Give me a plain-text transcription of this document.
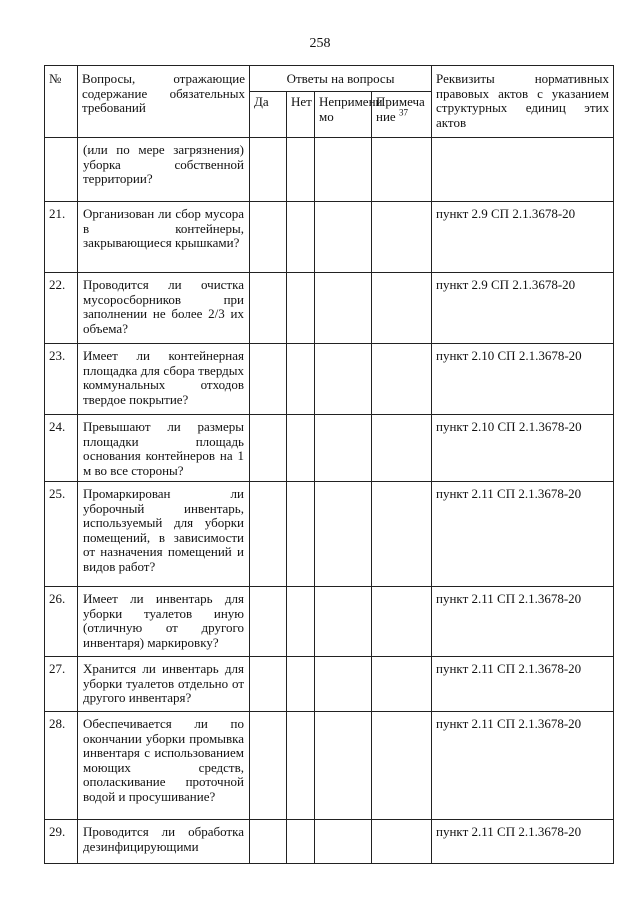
258
№	Вопросы, отражающие содержание обязательных требований	Ответы на вопросы				Реквизиты нормативных правовых актов с указанием структурных единиц этих актов
		Да	Нет	Непримени мо	Примеча ние $^{37}$
	(или по мере загрязнения) уборка собственной территории?					
21.	Организован ли сбор мусора в контейнеры, закрывающиеся крышками?					пункт 2.9 СП 2.1.3678-20
22.	Проводится ли очистка мусоросборников при заполнении не более 2/3 их объема?					пункт 2.9 СП 2.1.3678-20
23.	Имеет ли контейнерная площадка для сбора твердых коммунальных отходов твердое покрытие?					пункт 2.10 СП 2.1.3678-20
24.	Превышают ли размеры площадки площадь основания контейнеров на 1 м во все стороны?					пункт 2.10 СП 2.1.3678-20
25.	Промаркирован ли уборочный инвентарь, используемый для уборки помещений, в зависимости от назначения помещений и видов работ?					пункт 2.11 СП 2.1.3678-20
26.	Имеет ли инвентарь для уборки туалетов иную (отличную от другого инвентаря) маркировку?					пункт 2.11 СП 2.1.3678-20
27.	Хранится ли инвентарь для уборки туалетов отдельно от другого инвентаря?					пункт 2.11 СП 2.1.3678-20
28.	Обеспечивается ли по окончании уборки промывка инвентаря с использованием моющих средств, ополаскивание проточной водой и просушивание?					пункт 2.11 СП 2.1.3678-20
29.	Проводится ли обработка дезинфицирующими					пункт 2.11 СП 2.1.3678-20
